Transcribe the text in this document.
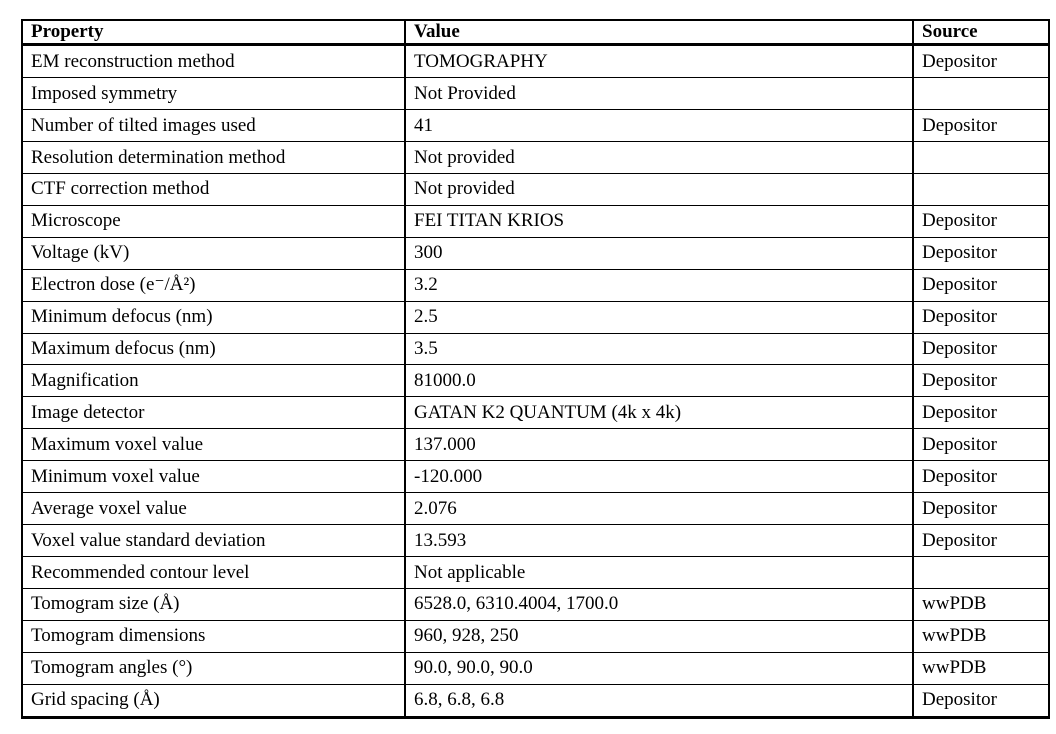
Property	Value	Source
EM reconstruction method	TOMOGRAPHY	Depositor
Imposed symmetry	Not Provided	
Number of tilted images used	41	Depositor
Resolution determination method	Not provided	
CTF correction method	Not provided	
Microscope	FEI TITAN KRIOS	Depositor
Voltage (kV)	300	Depositor
Electron dose (e⁻/Å²)	3.2	Depositor
Minimum defocus (nm)	2.5	Depositor
Maximum defocus (nm)	3.5	Depositor
Magnification	81000.0	Depositor
Image detector	GATAN K2 QUANTUM (4k x 4k)	Depositor
Maximum voxel value	137.000	Depositor
Minimum voxel value	-120.000	Depositor
Average voxel value	2.076	Depositor
Voxel value standard deviation	13.593	Depositor
Recommended contour level	Not applicable	
Tomogram size (Å)	6528.0, 6310.4004, 1700.0	wwPDB
Tomogram dimensions	960, 928, 250	wwPDB
Tomogram angles (°)	90.0, 90.0, 90.0	wwPDB
Grid spacing (Å)	6.8, 6.8, 6.8	Depositor
